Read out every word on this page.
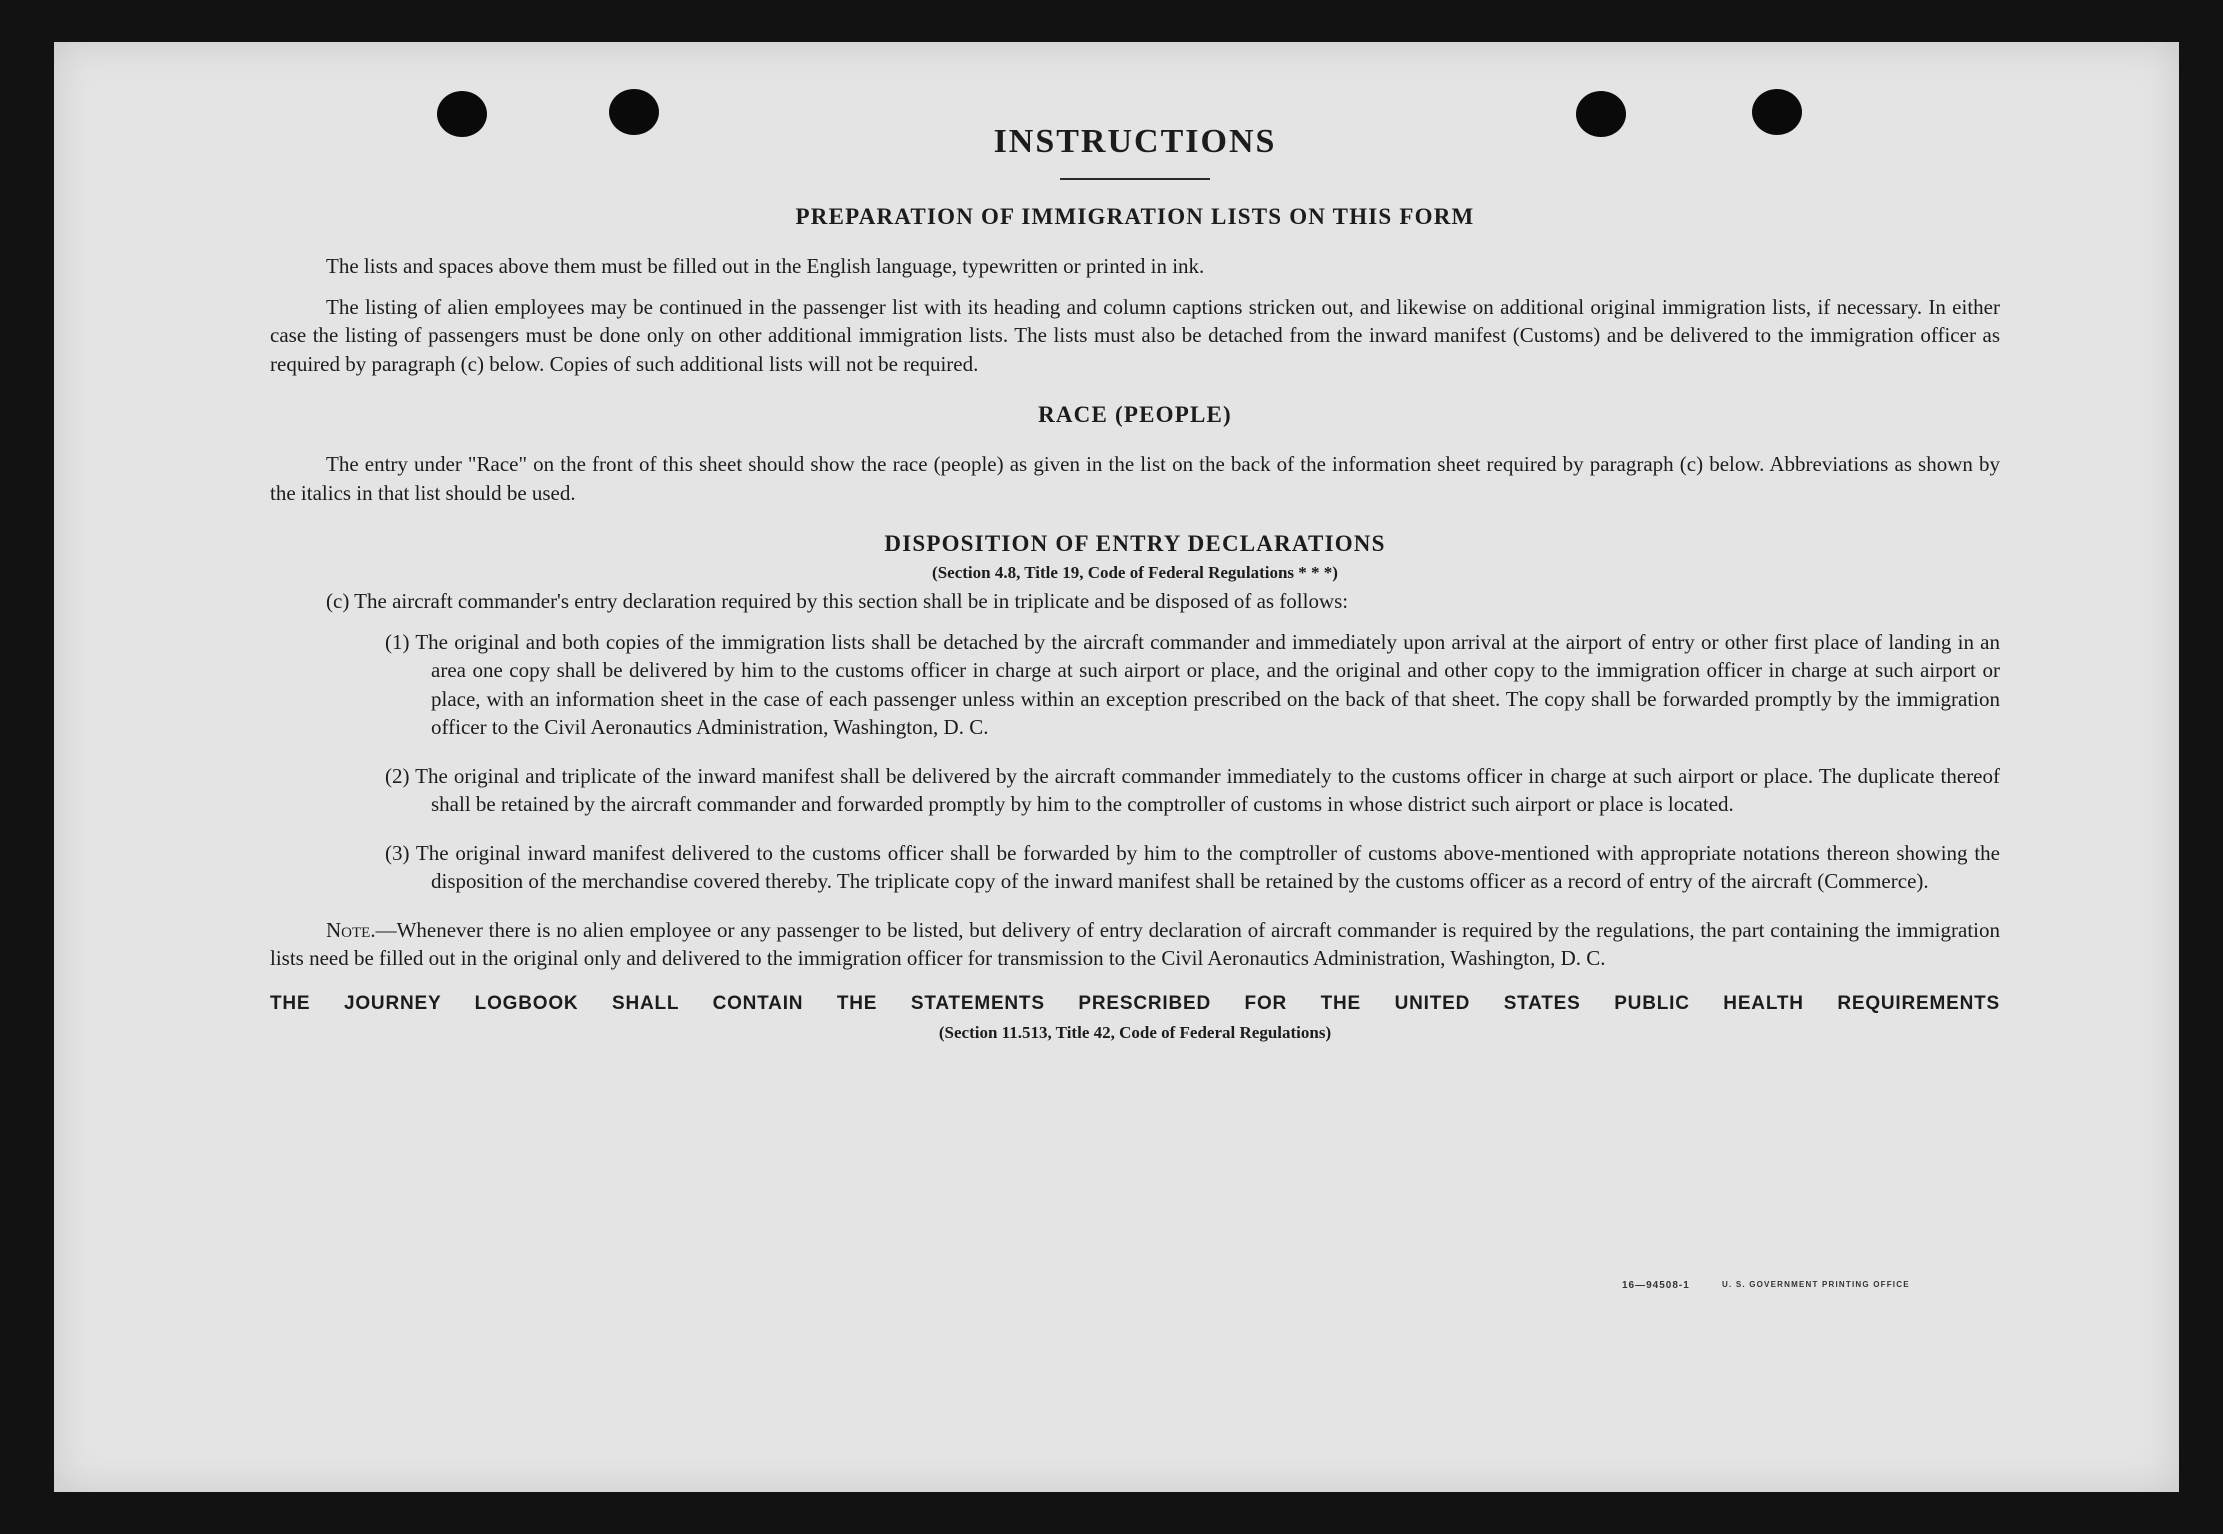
INSTRUCTIONS
PREPARATION OF IMMIGRATION LISTS ON THIS FORM

The lists and spaces above them must be filled out in the English language, typewritten or printed in ink.

The listing of alien employees may be continued in the passenger list with its heading and column captions stricken out, and likewise on additional original immigration lists, if necessary. In either case the listing of passengers must be done only on other additional immigration lists. The lists must also be detached from the inward manifest (Customs) and be delivered to the immigration officer as required by paragraph (c) below. Copies of such additional lists will not be required.

RACE (PEOPLE)

The entry under "Race" on the front of this sheet should show the race (people) as given in the list on the back of the information sheet required by paragraph (c) below. Abbreviations as shown by the italics in that list should be used.

DISPOSITION OF ENTRY DECLARATIONS
(Section 4.8, Title 19, Code of Federal Regulations * * *)

(c) The aircraft commander's entry declaration required by this section shall be in triplicate and be disposed of as follows:

(1) The original and both copies of the immigration lists shall be detached by the aircraft commander and immediately upon arrival at the airport of entry or other first place of landing in an area one copy shall be delivered by him to the customs officer in charge at such airport or place, and the original and other copy to the immigration officer in charge at such airport or place, with an information sheet in the case of each passenger unless within an exception prescribed on the back of that sheet. The copy shall be forwarded promptly by the immigration officer to the Civil Aeronautics Administration, Washington, D. C.
(2) The original and triplicate of the inward manifest shall be delivered by the aircraft commander immediately to the customs officer in charge at such airport or place. The duplicate thereof shall be retained by the aircraft commander and forwarded promptly by him to the comptroller of customs in whose district such airport or place is located.
(3) The original inward manifest delivered to the customs officer shall be forwarded by him to the comptroller of customs above-mentioned with appropriate notations thereon showing the disposition of the merchandise covered thereby. The triplicate copy of the inward manifest shall be retained by the customs officer as a record of entry of the aircraft (Commerce).

Note.—Whenever there is no alien employee or any passenger to be listed, but delivery of entry declaration of aircraft commander is required by the regulations, the part containing the immigration lists need be filled out in the original only and delivered to the immigration officer for transmission to the Civil Aeronautics Administration, Washington, D. C.

THE JOURNEY LOGBOOK SHALL CONTAIN THE STATEMENTS PRESCRIBED FOR THE UNITED STATES PUBLIC HEALTH REQUIREMENTS
(Section 11.513, Title 42, Code of Federal Regulations)
16—94508-1	U. S. GOVERNMENT PRINTING OFFICE
